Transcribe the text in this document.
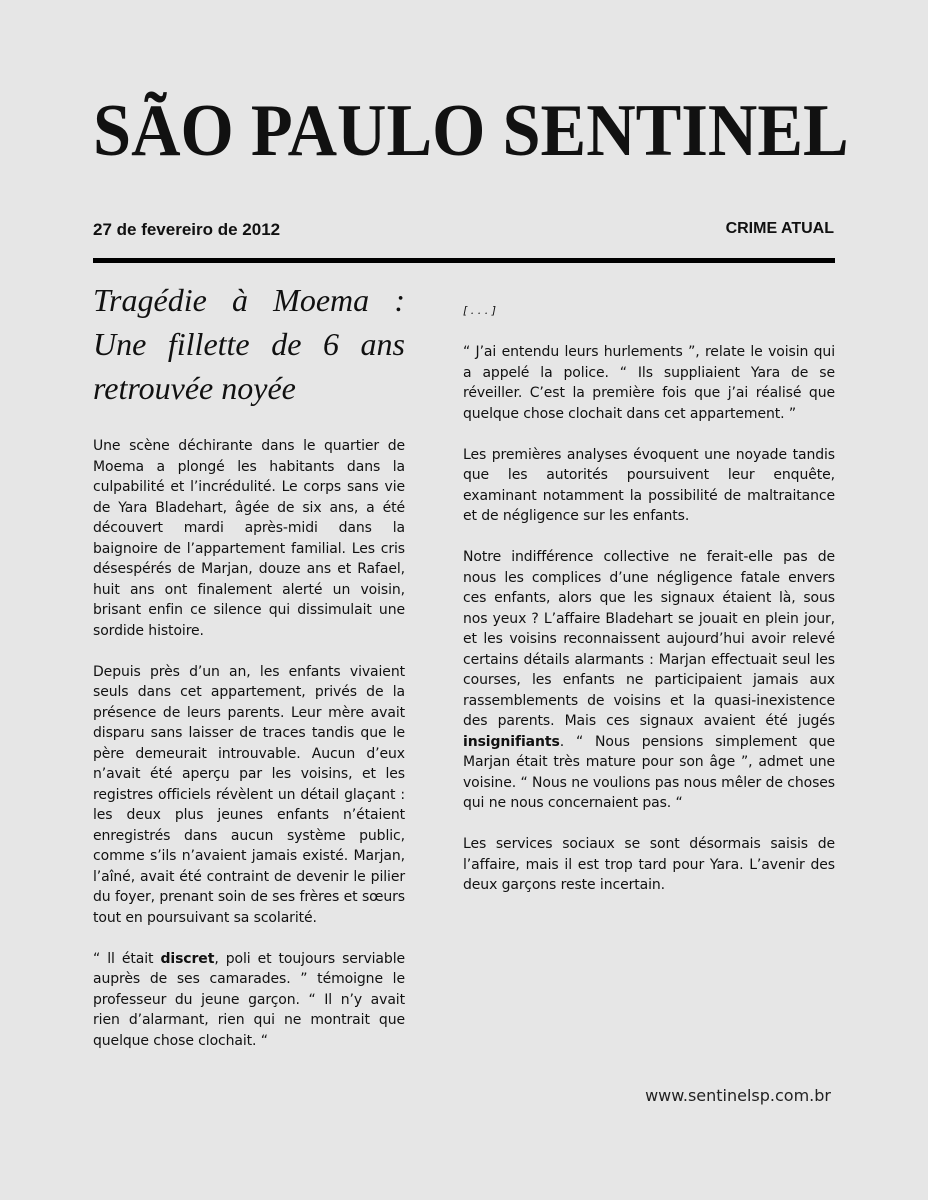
SÃO PAULO SENTINEL
27 de fevereiro de 2012	CRIME ATUAL
Tragédie à Moema : Une fillette de 6 ans retrouvée noyée

Une scène déchirante dans le quartier de Moema a plongé les habitants dans la culpabilité et l’incrédulité. Le corps sans vie de Yara Bladehart, âgée de six ans, a été découvert mardi après-midi dans la baignoire de l’appartement familial. Les cris désespérés de Marjan, douze ans et Rafael, huit ans ont finalement alerté un voisin, brisant enfin ce silence qui dissimulait une sordide histoire.

Depuis près d’un an, les enfants vivaient seuls dans cet appartement, privés de la présence de leurs parents. Leur mère avait disparu sans laisser de traces tandis que le père demeurait introuvable. Aucun d’eux n’avait été aperçu par les voisins, et les registres officiels révèlent un détail glaçant : les deux plus jeunes enfants n’étaient enregistrés dans aucun système public, comme s’ils n’avaient jamais existé. Marjan, l’aîné, avait été contraint de devenir le pilier du foyer, prenant soin de ses frères et sœurs tout en poursuivant sa scolarité.

“ ll était discret, poli et toujours serviable auprès de ses camarades. ” témoigne le professeur du jeune garçon. “ Il n’y avait rien d’alarmant, rien qui ne montrait que quelque chose clochait. “

[ . . . ]

“ J’ai entendu leurs hurlements ”, relate le voisin qui a appelé la police. “ Ils suppliaient Yara de se réveiller. C’est la première fois que j’ai réalisé que quelque chose clochait dans cet appartement. ”

Les premières analyses évoquent une noyade tandis que les autorités poursuivent leur enquête, examinant notamment la possibilité de maltraitance et de négligence sur les enfants.

Notre indifférence collective ne ferait-elle pas de nous les complices d’une négligence fatale envers ces enfants, alors que les signaux étaient là, sous nos yeux ? L’affaire Bladehart se jouait en plein jour, et les voisins reconnaissent aujourd’hui avoir relevé certains détails alarmants : Marjan effectuait seul les courses, les enfants ne participaient jamais aux rassemblements de voisins et la quasi-inexistence des parents. Mais ces signaux avaient été jugés insignifiants. “ Nous pensions simplement que Marjan était très mature pour son âge ”, admet une voisine. “ Nous ne voulions pas nous mêler de choses qui ne nous concernaient pas. “

Les services sociaux se sont désormais saisis de l’affaire, mais il est trop tard pour Yara. L’avenir des deux garçons reste incertain.

www.sentinelsp.com.br
